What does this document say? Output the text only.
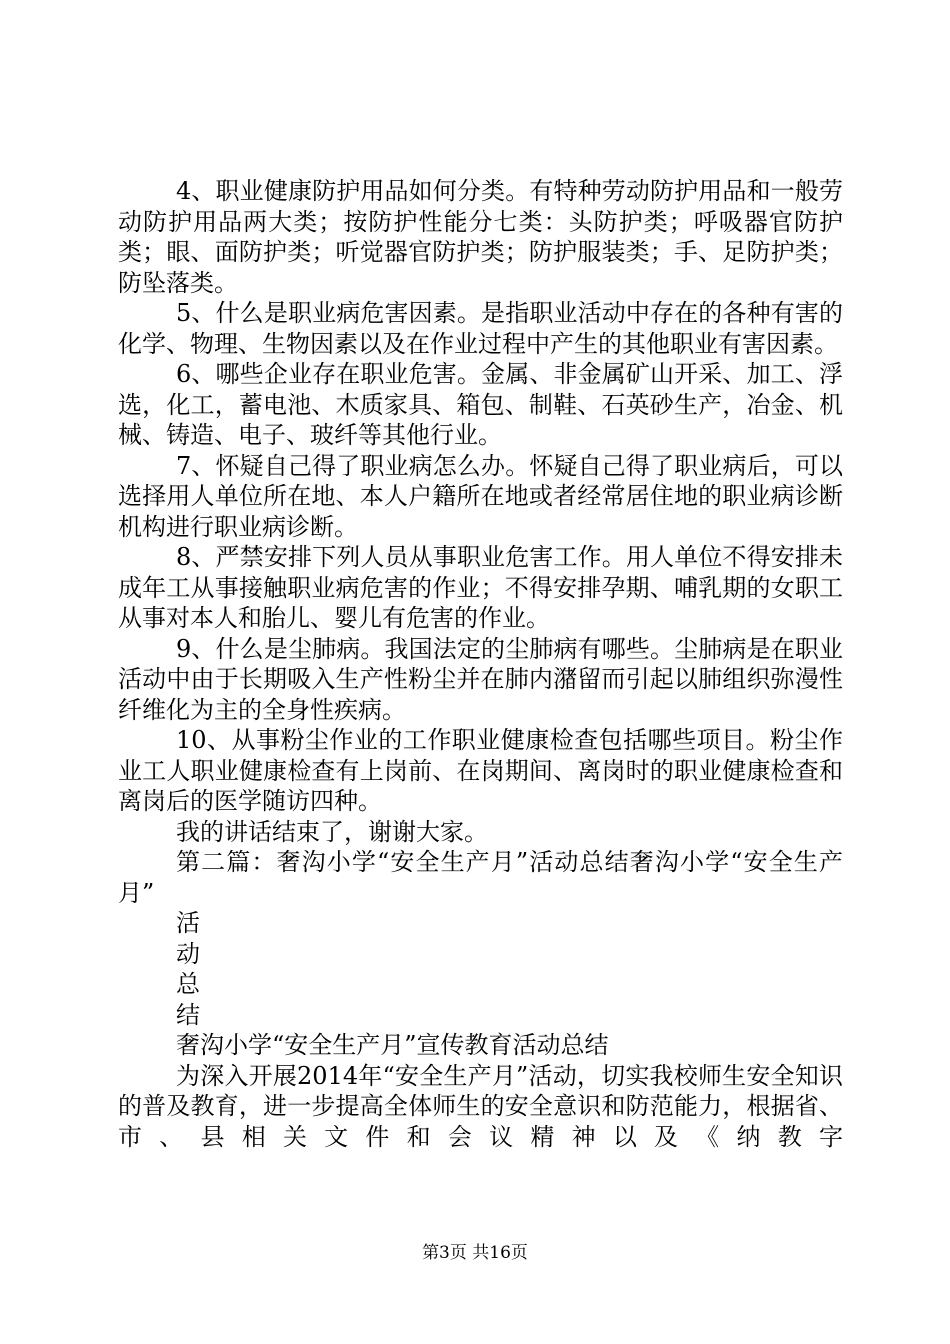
4、职业健康防护用品如何分类。有特种劳动防护用品和一般劳动防护用品两大类；按防护性能分七类：头防护类；呼吸器官防护类；眼、面防护类；听觉器官防护类；防护服装类；手、足防护类；防坠落类。

5、什么是职业病危害因素。是指职业活动中存在的各种有害的化学、物理、生物因素以及在作业过程中产生的其他职业有害因素。

6、哪些企业存在职业危害。金属、非金属矿山开采、加工、浮选，化工，蓄电池、木质家具、箱包、制鞋、石英砂生产，冶金、机械、铸造、电子、玻纤等其他行业。

7、怀疑自己得了职业病怎么办。怀疑自己得了职业病后，可以选择用人单位所在地、本人户籍所在地或者经常居住地的职业病诊断机构进行职业病诊断。

8、严禁安排下列人员从事职业危害工作。用人单位不得安排未成年工从事接触职业病危害的作业；不得安排孕期、哺乳期的女职工从事对本人和胎儿、婴儿有危害的作业。

9、什么是尘肺病。我国法定的尘肺病有哪些。尘肺病是在职业活动中由于长期吸入生产性粉尘并在肺内潴留而引起以肺组织弥漫性纤维化为主的全身性疾病。

10、从事粉尘作业的工作职业健康检查包括哪些项目。粉尘作业工人职业健康检查有上岗前、在岗期间、离岗时的职业健康检查和离岗后的医学随访四种。

我的讲话结束了，谢谢大家。

第二篇：奢沟小学“安全生产月”活动总结奢沟小学“安全生产月”

活

动

总

结

奢沟小学“安全生产月”宣传教育活动总结

为深入开展2014年“安全生产月”活动，切实我校师生安全知识的普及教育，进一步提高全体师生的安全意识和防范能力，根据省、市、县相关文件和会议精神以及《纳教字

第3页 共16页
